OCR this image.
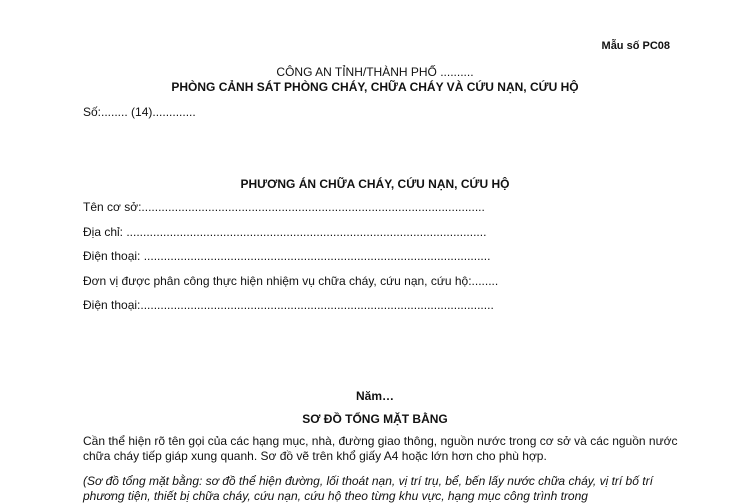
Mẫu số PC08
CÔNG AN TỈNH/THÀNH PHỐ ..........
PHÒNG CẢNH SÁT PHÒNG CHÁY, CHỮA CHÁY VÀ CỨU NẠN, CỨU HỘ
Số:........ (14).............
PHƯƠNG ÁN CHỮA CHÁY, CỨU NẠN, CỨU HỘ
Tên cơ sở:.......................................................................................................
Địa chỉ: ............................................................................................................
Điện thoại: ........................................................................................................
Đơn vị được phân công thực hiện nhiệm vụ chữa cháy, cứu nạn, cứu hộ:........
Điện thoại:..........................................................................................................
Năm…
SƠ ĐỒ TỔNG MẶT BẰNG
Cần thể hiện rõ tên gọi của các hạng mục, nhà, đường giao thông, nguồn nước trong cơ sở và các nguồn nước chữa cháy tiếp giáp xung quanh. Sơ đồ vẽ trên khổ giấy A4 hoặc lớn hơn cho phù hợp.
(Sơ đồ tổng mặt bằng: sơ đồ thể hiện đường, lối thoát nạn, vị trí trụ, bể, bến lấy nước chữa cháy, vị trí bố trí phương tiện, thiết bị chữa cháy, cứu nạn, cứu hộ theo từng khu vực, hạng mục công trình trong
